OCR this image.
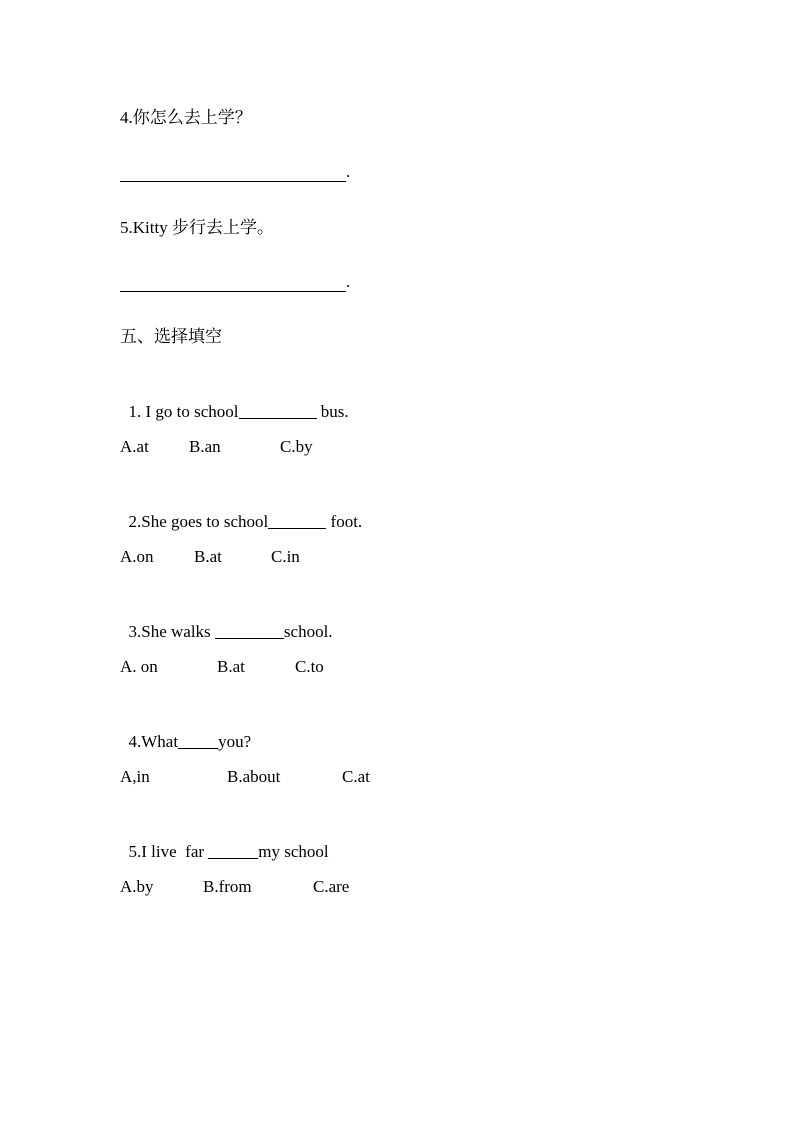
4.你怎么去上学？
.
5.Kitty 步行去上学。
.
五、选择填空

1. I go to school	bus.

A.at B.an	C.by

2.She goes to school	foot.

A.on B.at	C.in

3.She walks	school.

A. on	B.at	C.to

4.What you?

A,in	B.about	C.at

5.I live  far	my school

A.by	B.from	C.are
